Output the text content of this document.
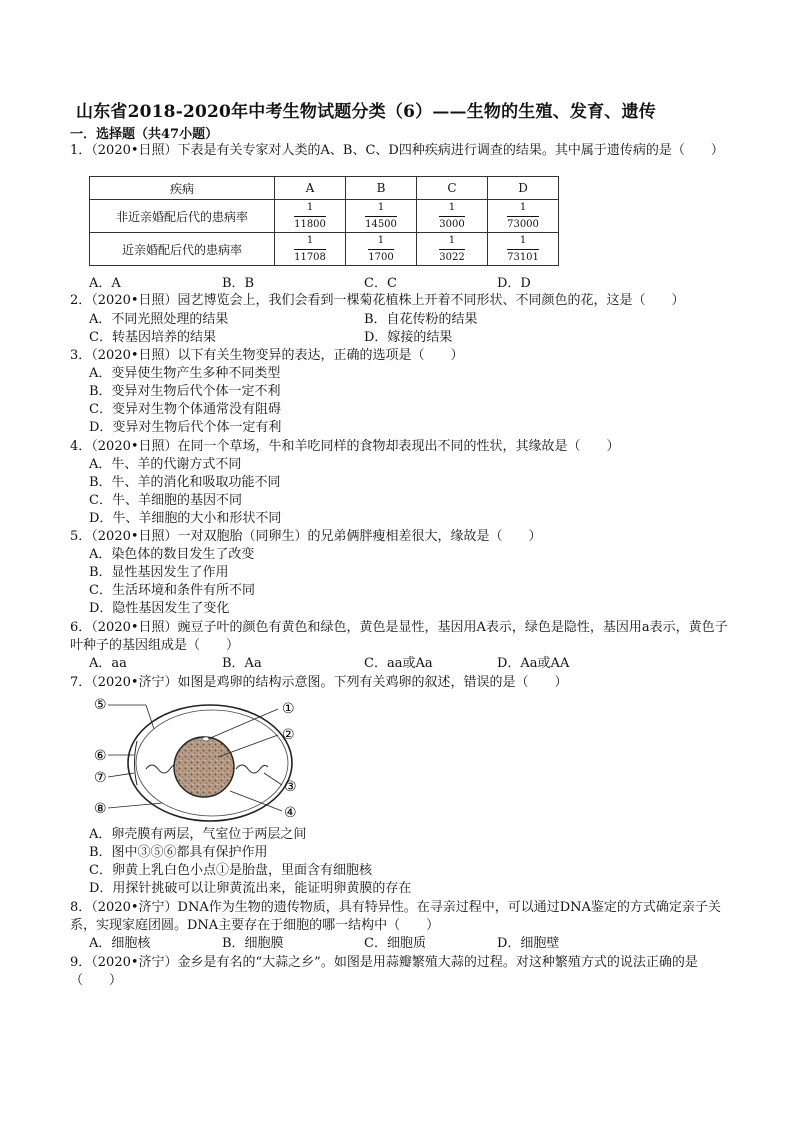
山东省2018-2020年中考生物试题分类（6）——生物的生殖、发育、遗传
一．选择题（共47小题）
1．（2020•日照）下表是有关专家对人类的A、B、C、D四种疾病进行调查的结果。其中属于遗传病的是（　　）
疾病	A	B	C	D
非近亲婚配后代的患病率	$\frac{1}{11800}$	$\frac{1}{14500}$	$\frac{1}{3000}$	$\frac{1}{73000}$

近亲婚配后代的患病率	$\frac{1}{11708}$	$\frac{1}{1700}$	$\frac{1}{3022}$	$\frac{1}{73101}$
A．A	B．B	C．C	D．D
2．（2020•日照）园艺博览会上，我们会看到一棵菊花植株上开着不同形状、不同颜色的花，这是（　　）
A．不同光照处理的结果	B．自花传粉的结果
C．转基因培养的结果	D．嫁接的结果
3．（2020•日照）以下有关生物变异的表达，正确的选项是（　　）
A．变异使生物产生多种不同类型
B．变异对生物后代个体一定不利
C．变异对生物个体通常没有阻碍
D．变异对生物后代个体一定有利
4．（2020•日照）在同一个草场，牛和羊吃同样的食物却表现出不同的性状，其缘故是（　　）
A．牛、羊的代谢方式不同
B．牛、羊的消化和吸取功能不同
C．牛、羊细胞的基因不同
D．牛、羊细胞的大小和形状不同
5．（2020•日照）一对双胞胎（同卵生）的兄弟俩胖瘦相差很大，缘故是（　　）
A．染色体的数目发生了改变
B．显性基因发生了作用
C．生活环境和条件有所不同
D．隐性基因发生了变化
6．（2020•日照）豌豆子叶的颜色有黄色和绿色，黄色是显性，基因用A表示，绿色是隐性，基因用a表示，黄色子叶种子的基因组成是（　　）
A．aa	B．Aa	C．aa或Aa	D．Aa或AA
7．（2020•济宁）如图是鸡卵的结构示意图。下列有关鸡卵的叙述，错误的是（　　）
⑤	①
②
⑥
⑦
③
⑧	④
A．卵壳膜有两层，气室位于两层之间
B．图中③⑤⑥都具有保护作用
C．卵黄上乳白色小点①是胎盘，里面含有细胞核
D．用探针挑破可以让卵黄流出来，能证明卵黄膜的存在
8．（2020•济宁）DNA作为生物的遗传物质，具有特异性。在寻亲过程中，可以通过DNA鉴定的方式确定亲子关系，实现家庭团圆。DNA主要存在于细胞的哪一结构中（　　）
A．细胞核	B．细胞膜	C．细胞质	D．细胞壁
9．（2020•济宁）金乡是有名的“大蒜之乡”。如图是用蒜瓣繁殖大蒜的过程。对这种繁殖方式的说法正确的是（　　）
